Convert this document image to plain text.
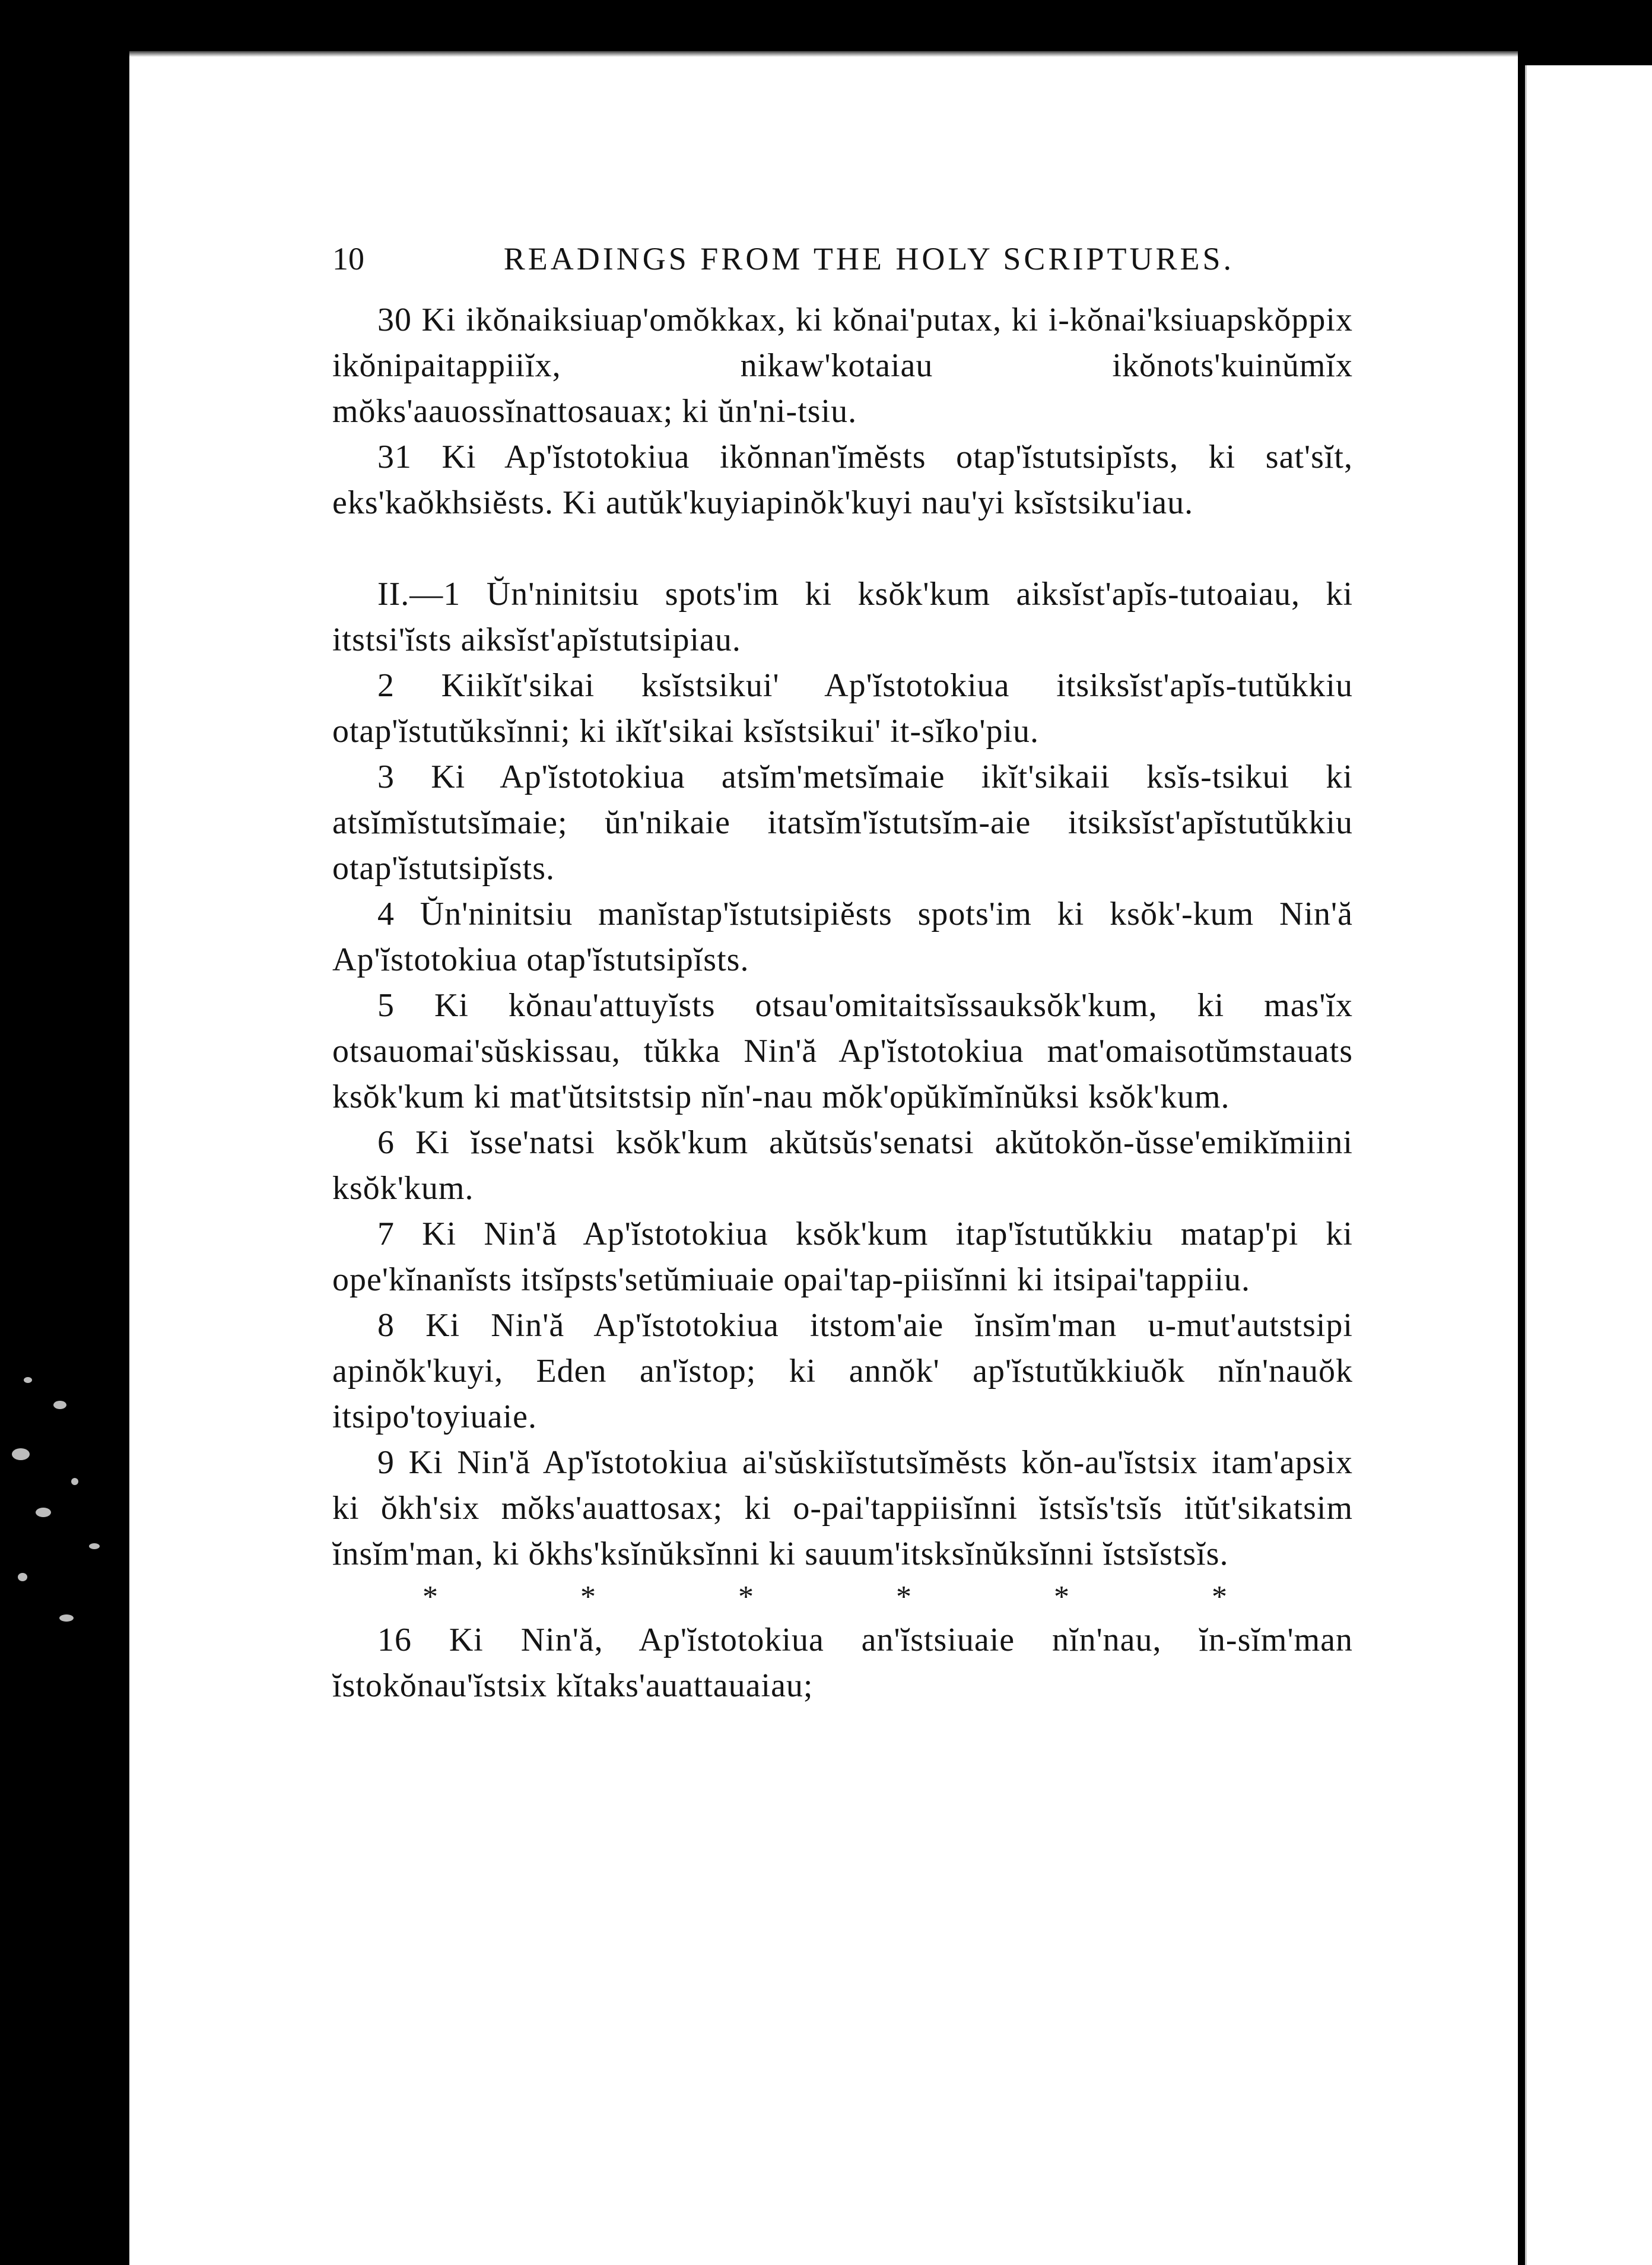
10	READINGS FROM THE HOLY SCRIPTURES.

30 Ki ikŏnaiksiuap'omŏkkax, ki kŏnai'putax, ki i-kŏnai'ksiuapskŏppix ikŏnipaitappiiĭx, nikaw'kotaiau ikŏnots'kuinŭmĭx mŏks'aauossĭnattosauax; ki ŭn'ni-tsiu.

31 Ki Ap'ĭstotokiua ikŏnnan'ĭmĕsts otap'ĭstutsipĭsts, ki sat'sĭt, eks'kaŏkhsiĕsts. Ki autŭk'kuyiapinŏk'kuyi nau'yi ksĭstsiku'iau.

II.—1 Ŭn'ninitsiu spots'im ki ksŏk'kum aiksĭst'apĭs-tutoaiau, ki itstsi'ĭsts aiksĭst'apĭstutsipiau.

2 Kiikĭt'sikai ksĭstsikui' Ap'ĭstotokiua itsiksĭst'apĭs-tutŭkkiu otap'ĭstutŭksĭnni; ki ikĭt'sikai ksĭstsikui' it-sĭko'piu.

3 Ki Ap'ĭstotokiua atsĭm'metsĭmaie ikĭt'sikaii ksĭs-tsikui ki atsĭmĭstutsĭmaie; ŭn'nikaie itatsĭm'ĭstutsĭm-aie itsiksĭst'apĭstutŭkkiu otap'ĭstutsipĭsts.

4 Ŭn'ninitsiu manĭstap'ĭstutsipiĕsts spots'im ki ksŏk'-kum Nin'ă Ap'ĭstotokiua otap'ĭstutsipĭsts.

5 Ki kŏnau'attuyĭsts otsau'omitaitsĭssauksŏk'kum, ki mas'ĭx otsauomai'sŭskissau, tŭkka Nin'ă Ap'ĭstotokiua mat'omaisotŭmstauats ksŏk'kum ki mat'ŭtsitstsip nĭn'-nau mŏk'opŭkĭmĭnŭksi ksŏk'kum.

6 Ki ĭsse'natsi ksŏk'kum akŭtsŭs'senatsi akŭtokŏn-ŭsse'emikĭmiini ksŏk'kum.

7 Ki Nin'ă Ap'ĭstotokiua ksŏk'kum itap'ĭstutŭkkiu matap'pi ki ope'kĭnanĭsts itsĭpsts'setŭmiuaie opai'tap-piisĭnni ki itsipai'tappiiu.

8 Ki Nin'ă Ap'ĭstotokiua itstom'aie ĭnsĭm'man u-mut'autstsipi apinŏk'kuyi, Eden an'ĭstop; ki annŏk' ap'ĭstutŭkkiuŏk nĭn'nauŏk itsipo'toyiuaie.

9 Ki Nin'ă Ap'ĭstotokiua ai'sŭskiĭstutsĭmĕsts kŏn-au'ĭstsix itam'apsix ki ŏkh'six mŏks'auattosax; ki o-pai'tappiisĭnni ĭstsĭs'tsĭs itŭt'sikatsim ĭnsĭm'man, ki ŏkhs'ksĭnŭksĭnni ki sauum'itsksĭnŭksĭnni ĭstsĭstsĭs.

*	*	*	*	*	*

16 Ki Nin'ă, Ap'ĭstotokiua an'ĭstsiuaie nĭn'nau, ĭn-sĭm'man ĭstokŏnau'ĭstsix kĭtaks'auattauaiau;
